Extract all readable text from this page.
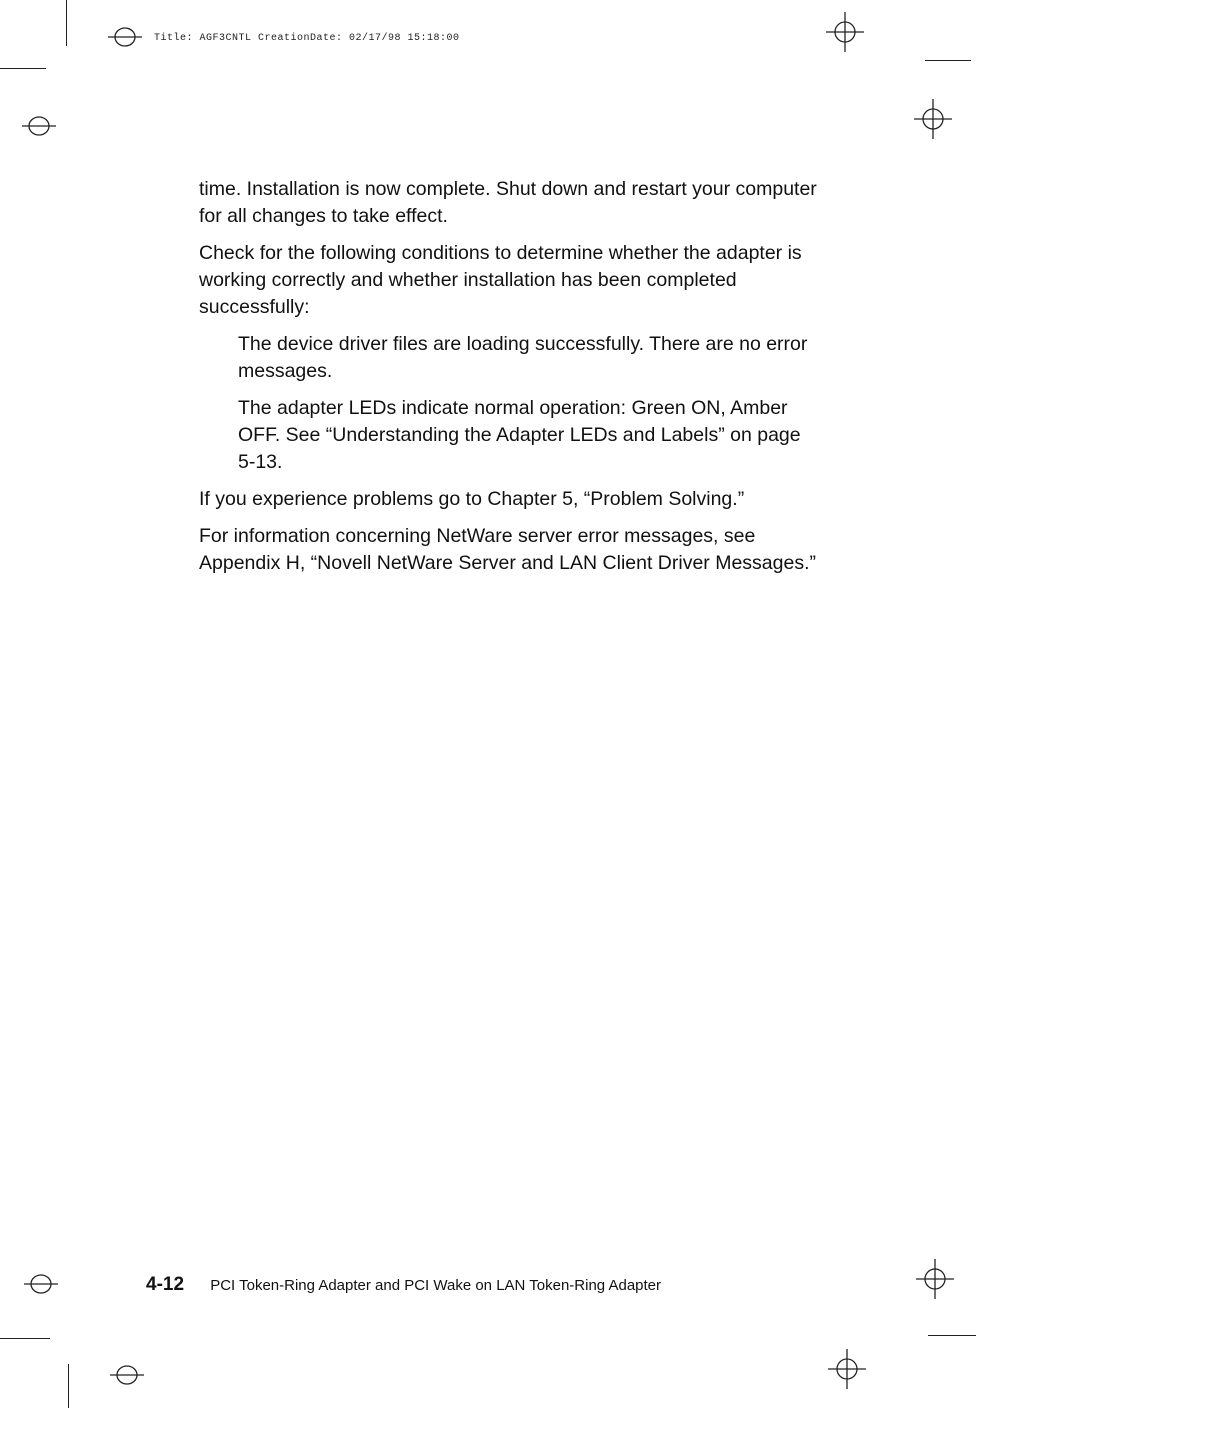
Title: AGF3CNTL CreationDate: 02/17/98 15:18:00

time. Installation is now complete. Shut down and restart your computer for all changes to take effect.

Check for the following conditions to determine whether the adapter is working correctly and whether installation has been completed successfully:

The device driver files are loading successfully. There are no error messages.

The adapter LEDs indicate normal operation: Green ON, Amber OFF. See “Understanding the Adapter LEDs and Labels” on page 5-13.

If you experience problems go to Chapter 5, “Problem Solving.”

For information concerning NetWare server error messages, see Appendix H, “Novell NetWare Server and LAN Client Driver Messages.”

4-12 PCI Token-Ring Adapter and PCI Wake on LAN Token-Ring Adapter
